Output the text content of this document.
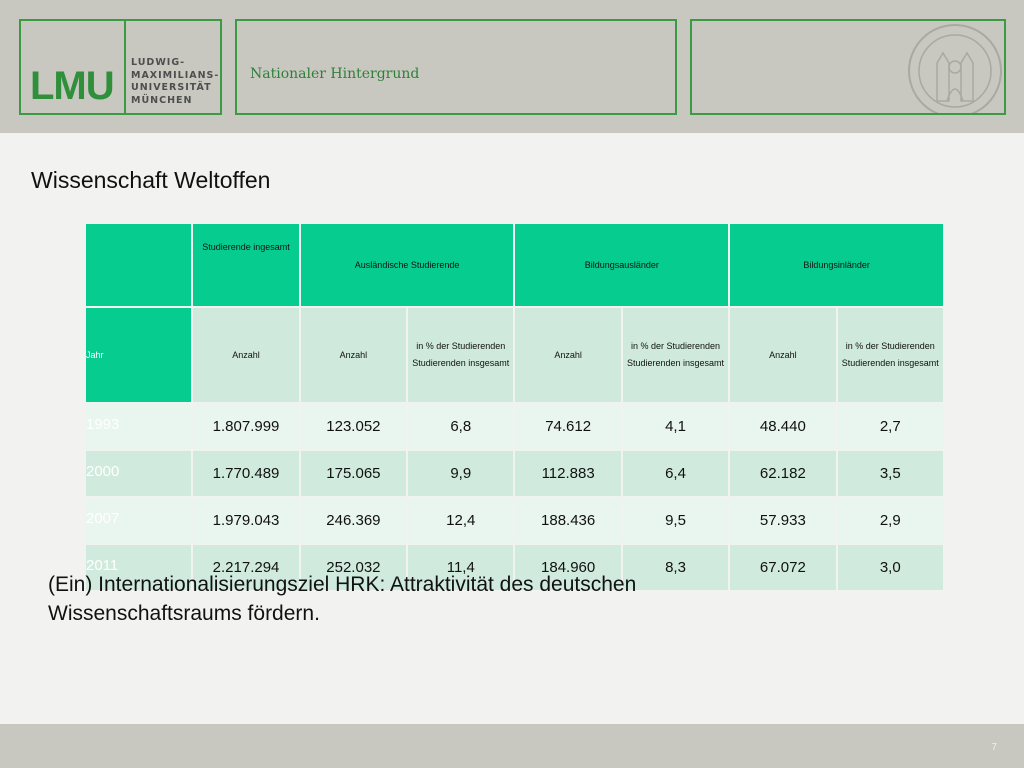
LMU
LUDWIG-
MAXIMILIANS-
UNIVERSITÄT
MÜNCHEN
Nationaler Hintergrund
Wissenschaft Weltoffen
	Studierende ingesamt	Ausländische Studierende		Bildungsausländer		Bildungsinländer	
Jahr	Anzahl	Anzahl	in % der Studierenden Studierenden insgesamt	Anzahl	in % der Studierenden Studierenden insgesamt	Anzahl	in % der Studierenden Studierenden insgesamt
1993	1.807.999	123.052	6,8	74.612	4,1	48.440	2,7
2000	1.770.489	175.065	9,9	112.883	6,4	62.182	3,5
2007	1.979.043	246.369	12,4	188.436	9,5	57.933	2,9
2011	2.217.294	252.032	11,4	184.960	8,3	67.072	3,0
(Ein) Internationalisierungsziel HRK: Attraktivität des deutschen Wissenschaftsraums fördern.
7
